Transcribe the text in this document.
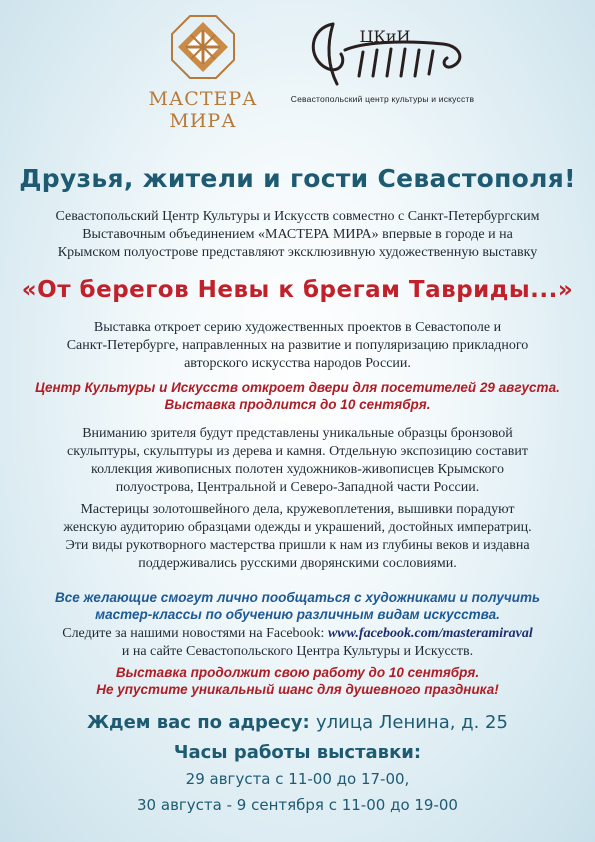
МАСТЕРА
МИРА
ЦКиИ
Севастопольский центр культуры и искусств
Друзья, жители и гости Севастополя!
Севастопольский Центр Культуры и Искусств совместно с Санкт-Петербургским
Выставочным объединением «МАСТЕРА МИРА» впервые в городе и на
Крымском полуострове представляют эксклюзивную художественную выставку
«От берегов Невы к брегам Тавриды...»
Выставка откроет серию художественных проектов в Севастополе и
Санкт-Петербурге, направленных на развитие и популяризацию прикладного
авторского искусства народов России.
Центр Культуры и Искусств откроет двери для посетителей 29 августа.
Выставка продлится до 10 сентября.
Вниманию зрителя будут представлены уникальные образцы бронзовой
скульптуры, скульптуры из дерева и камня. Отдельную экспозицию составит
коллекция живописных полотен художников-живописцев Крымского
полуострова, Центральной и Северо-Западной части России.
Мастерицы золотошвейного дела, кружевоплетения, вышивки порадуют
женскую аудиторию образцами одежды и украшений, достойных императриц.
Эти виды рукотворного мастерства пришли к нам из глубины веков и издавна
поддерживались русскими дворянскими сословиями.
Все желающие смогут лично пообщаться с художниками и получить
мастер-классы по обучению различным видам искусства.
Следите за нашими новостями на Facebook: www.facebook.com/masteramiraval
и на сайте Севастопольского Центра Культуры и Искусств.
Выставка продолжит свою работу до 10 сентября.
Не упустите уникальный шанс для душевного праздника!
Ждем вас по адресу: улица Ленина, д. 25
Часы работы выставки:
29 августа с 11-00 до 17-00,
30 августа - 9 сентября с 11-00 до 19-00
